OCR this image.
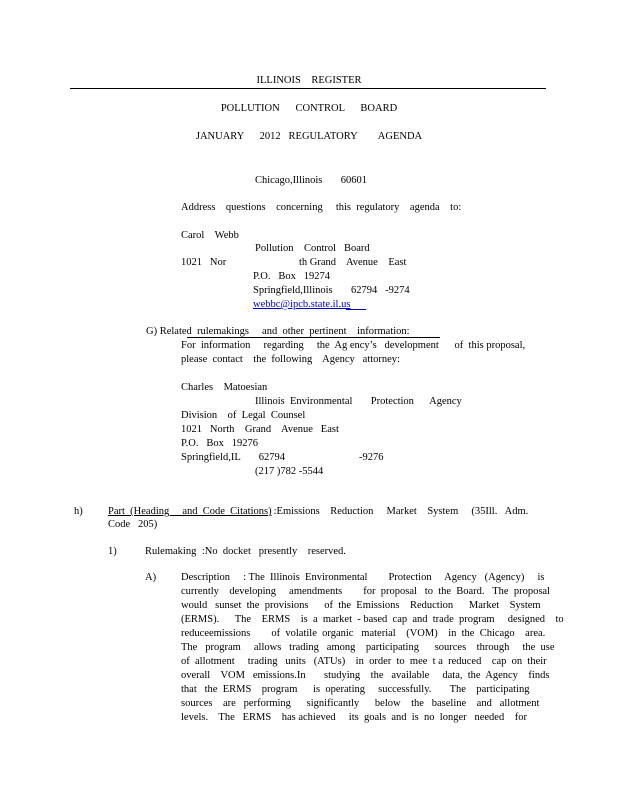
ILLINOIS    REGISTER
POLLUTION      CONTROL      BOARD
JANUARY      2012   REGULATORY        AGENDA
Chicago,Illinois       60601
Address    questions    concerning     this  regulatory    agenda    to:
Carol    Webb
Pollution    Control   Board
1021   Nor	th Grand    Avenue    East
P.O.   Box   19274
Springfield,Illinois       62794   -9274
webbc@ipcb.state.il.us
G) Related rulemakings     and  other  pertinent    information:
For  information     regarding     the  Ag ency’s   development      of  this proposal,
please  contact    the  following    Agency   attorney:
Charles    Matoesian
Illinois  Environmental       Protection      Agency
Division    of  Legal  Counsel
1021   North    Grand    Avenue   East
P.O.   Box   19276
Springfield,IL       62794	-9276
(217 )782 -5544
h) Part  (Heading     and  Code  Citations) :Emissions    Reduction     Market    System     (35Ill.   Adm.
Code   205)
1)	Rulemaking
:No  docket   presently    reserved.
A) Description     : The  Illinois  Environmental        Protection     Agency   (Agency)     is
currently    developing     amendments        for  proposal   to  the  Board.   The  proposal
would   sunset  the  provisions      of  the  Emissions    Reduction      Market    System
(ERMS).      The    ERMS    is  a  market  - based  cap  and  trade  program     designed    to
reduceemissions        of  volatile  organic   material    (VOM)    in  the  Chicago    area.
The   program     allows   trading   among    participating      sources    through     the  use
of  allotment     trading   units   (ATUs)    in  order  to  mee  t a  reduced    cap  on  their
overall    VOM   emissions.In       studying    the   available     data,  the  Agency    finds
that   the  ERMS    program      is  operating     successfully.       The    participating
sources    are   performing      significantly      below    the   baseline    and   allotment
levels.    The   ERMS    has achieved     its  goals  and  is  no  longer   needed    for
